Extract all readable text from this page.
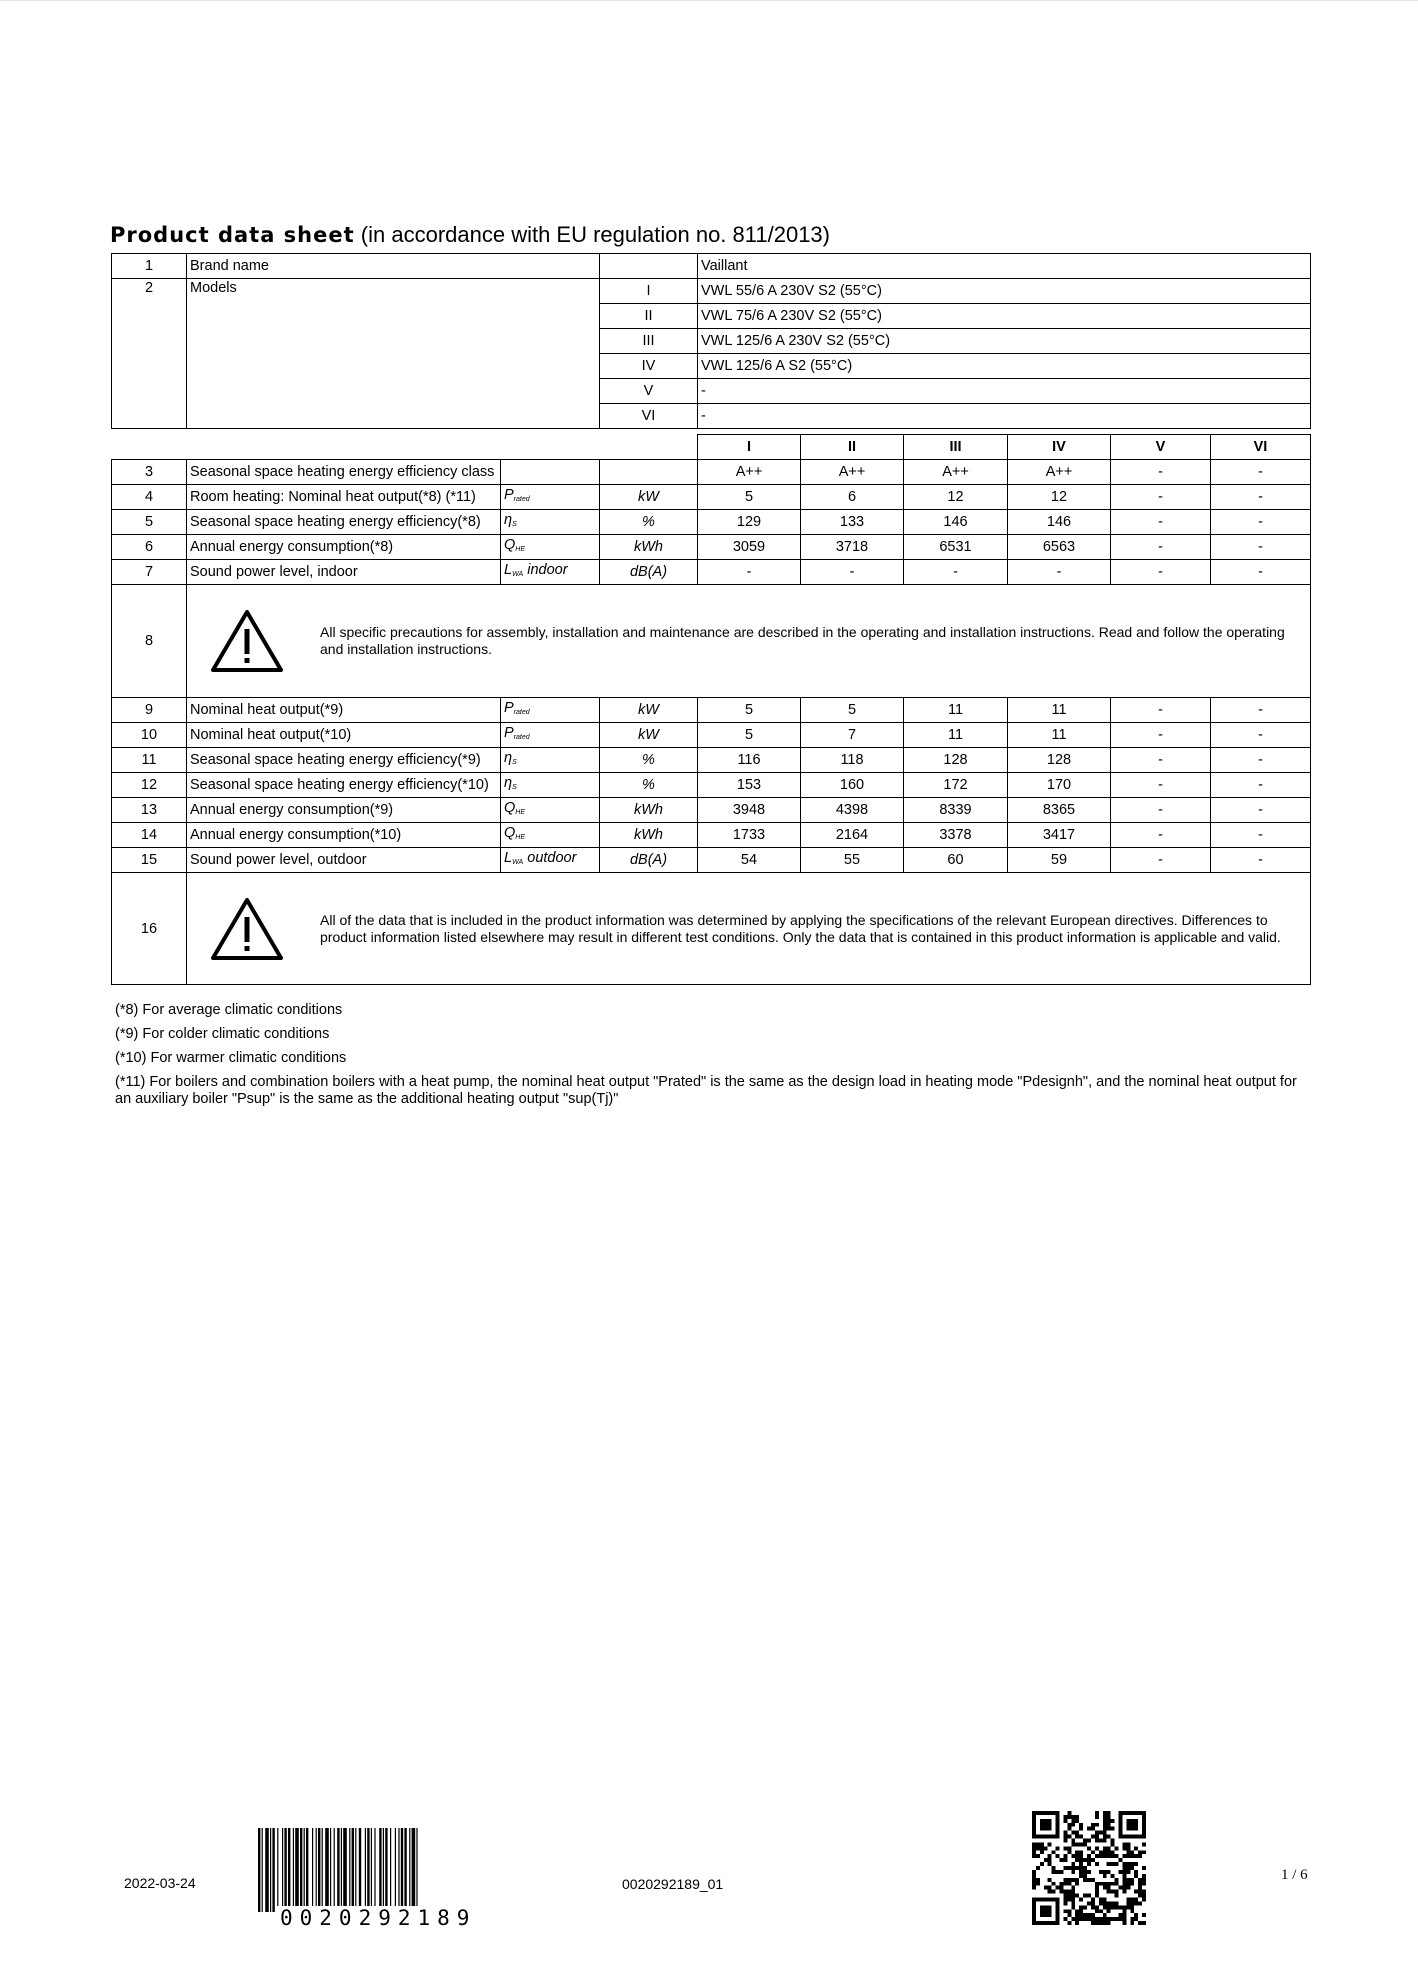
Product data sheet (in accordance with EU regulation no. 811/2013)
1	Brand name		Vaillant
2	Models	I	VWL 55/6 A 230V S2 (55°C)
		II	VWL 75/6 A 230V S2 (55°C)
		III	VWL 125/6 A 230V S2 (55°C)
		IV	VWL 125/6 A S2 (55°C)
		V	-
		VI	-
				I	II	III	IV	V	VI
3	Seasonal space heating energy efficiency class			A++	A++	A++	A++	-	-
4	Room heating: Nominal heat output(*8) (*11)	$P_{rated}$	kW	5	6	12	12	-	-
5	Seasonal space heating energy efficiency(*8)	$\eta_S$	%	129	133	146	146	-	-
6	Annual energy consumption(*8)	$Q_{HE}$	kWh	3059	3718	6531	6563	-	-
7	Sound power level, indoor	$L_{WA}$ indoor	dB(A)	-	-	-	-	-	-
8	All specific precautions for assembly, installation and maintenance are described in the operating and installation instructions. Read and follow the operating and installation instructions.								

9	Nominal heat output(*9)	$P_{rated}$	kW	5	5	11	11	-	-
10	Nominal heat output(*10)	$P_{rated}$	kW	5	7	11	11	-	-
11	Seasonal space heating energy efficiency(*9)	$\eta_S$	%	116	118	128	128	-	-
12	Seasonal space heating energy efficiency(*10)	$\eta_S$	%	153	160	172	170	-	-
13	Annual energy consumption(*9)	$Q_{HE}$	kWh	3948	4398	8339	8365	-	-
14	Annual energy consumption(*10)	$Q_{HE}$	kWh	1733	2164	3378	3417	-	-
15	Sound power level, outdoor	$L_{WA}$ outdoor	dB(A)	54	55	60	59	-	-
16	All of the data that is included in the product information was determined by applying the specifications of the relevant European directives. Differences to product information listed elsewhere may result in different test conditions. Only the data that is contained in this product information is applicable and valid.								
(*8) For average climatic conditions
(*9) For colder climatic conditions
(*10) For warmer climatic conditions
(*11) For boilers and combination boilers with a heat pump, the nominal heat output "Prated" is the same as the design load in heating mode "Pdesignh", and the nominal heat output for an auxiliary boiler "Psup" is the same as the additional heating output "sup(Tj)"
2022-03-24
0020292189
0020292189_01
1 / 6
